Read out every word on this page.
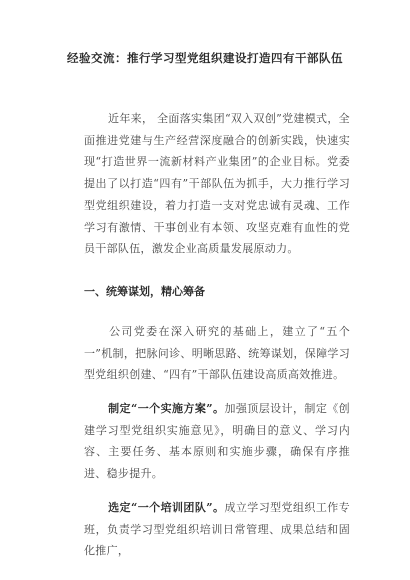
经验交流：推行学习型党组织建设打造四有干部队伍
近年来， 全面落实集团“双入双创”党建模式，全面推进党建与生产经营深度融合的创新实践，快速实现“打造世界一流新材料产业集团”的企业目标。党委提出了以打造“四有”干部队伍为抓手，大力推行学习型党组织建设，着力打造一支对党忠诚有灵魂、工作学习有激情、干事创业有本领、攻坚克难有血性的党员干部队伍，激发企业高质量发展原动力。
一、统筹谋划，精心筹备
公司党委在深入研究的基础上，建立了“五个一”机制，把脉问诊、明晰思路、统筹谋划，保障学习型党组织创建、“四有”干部队伍建设高质高效推进。
制定“一个实施方案”。加强顶层设计，制定《创建学习型党组织实施意见》，明确目的意义、学习内容、主要任务、基本原则和实施步骤，确保有序推进、稳步提升。
选定“一个培训团队”。成立学习型党组织工作专班，负责学习型党组织培训日常管理、成果总结和固化推广，
